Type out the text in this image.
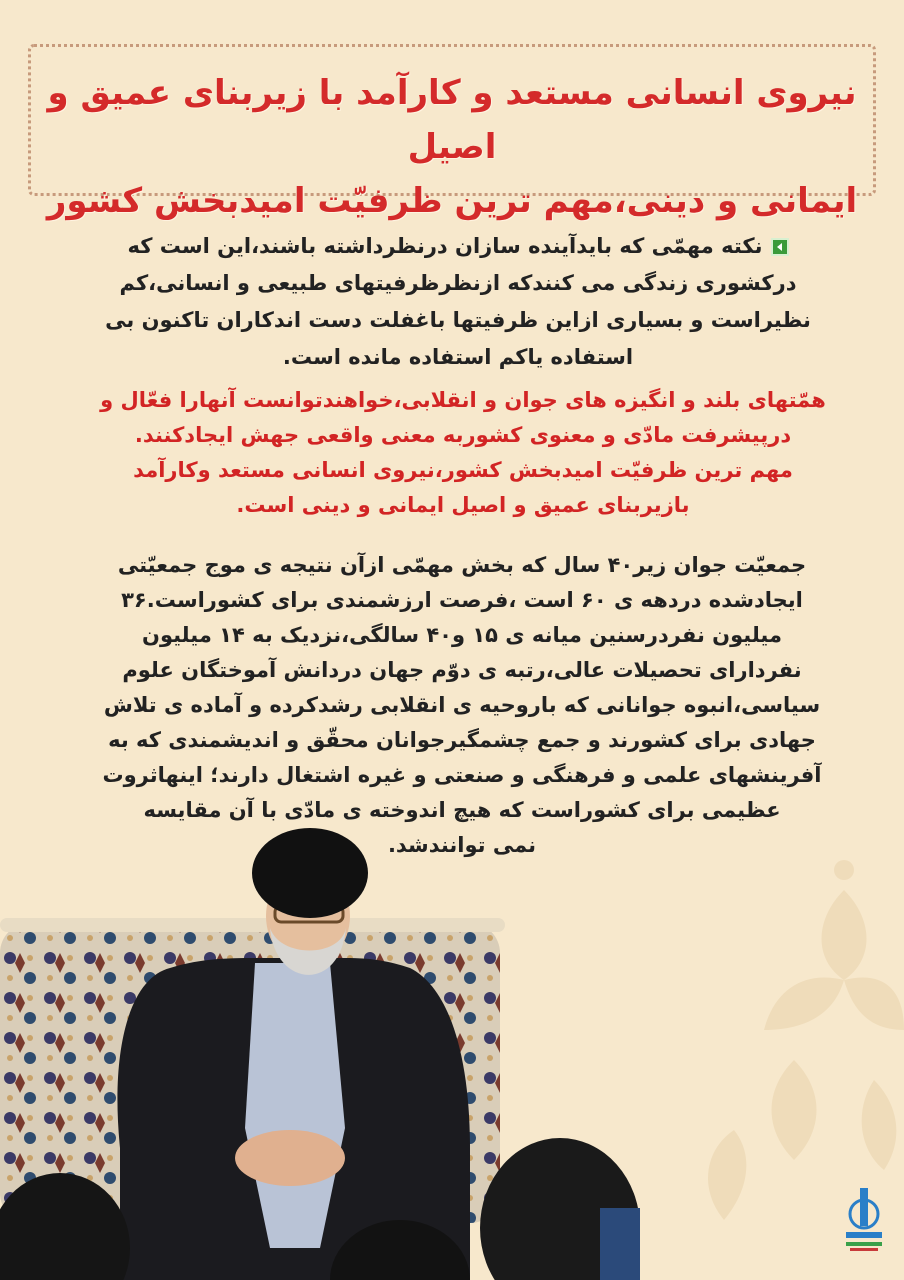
نیروی انسانی مستعد و کارآمد با زیربنای عمیق و اصیل
ایمانی و دینی،مهم ترین ظرفیّت امیدبخش کشور
نکته مهمّی که بایدآینده سازان درنظرداشته باشند،این است که
درکشوری زندگی می کنندکه ازنظرظرفیتهای طبیعی و انسانی،کم
نظیراست و بسیاری ازاین ظرفیتها باغفلت دست اندکاران تاکنون بی
استفاده یاکم استفاده مانده است.
همّتهای بلند و انگیزه های جوان و انقلابی،خواهندتوانست آنهارا فعّال و
درپیشرفت مادّی و معنوی کشوربه معنی واقعی جهش ایجادکنند.
مهم ترین ظرفیّت امیدبخش کشور،نیروی انسانی مستعد وکارآمد
بازیربنای عمیق و اصیل ایمانی و دینی است.
جمعیّت جوان زیر۴۰ سال که بخش مهمّی ازآن نتیجه ی موج جمعیّتی
ایجادشده دردهه ی ۶۰ است ،فرصت ارزشمندی برای کشوراست.۳۶
میلیون نفردرسنین میانه ی ۱۵ و۴۰ سالگی،نزدیک به ۱۴ میلیون
نفردارای تحصیلات عالی،رتبه ی دوّم جهان دردانش آموختگان علوم
سیاسی،انبوه جوانانی که باروحیه ی انقلابی رشدکرده و آماده ی تلاش
جهادی برای کشورند و جمع چشمگیرجوانان محقّق و اندیشمندی که به
آفرینشهای علمی و فرهنگی و صنعتی و غیره اشتغال دارند؛ اینهاثروت
عظیمی برای کشوراست که هیچ اندوخته ی مادّی با آن مقایسه
نمی توانندشد.
